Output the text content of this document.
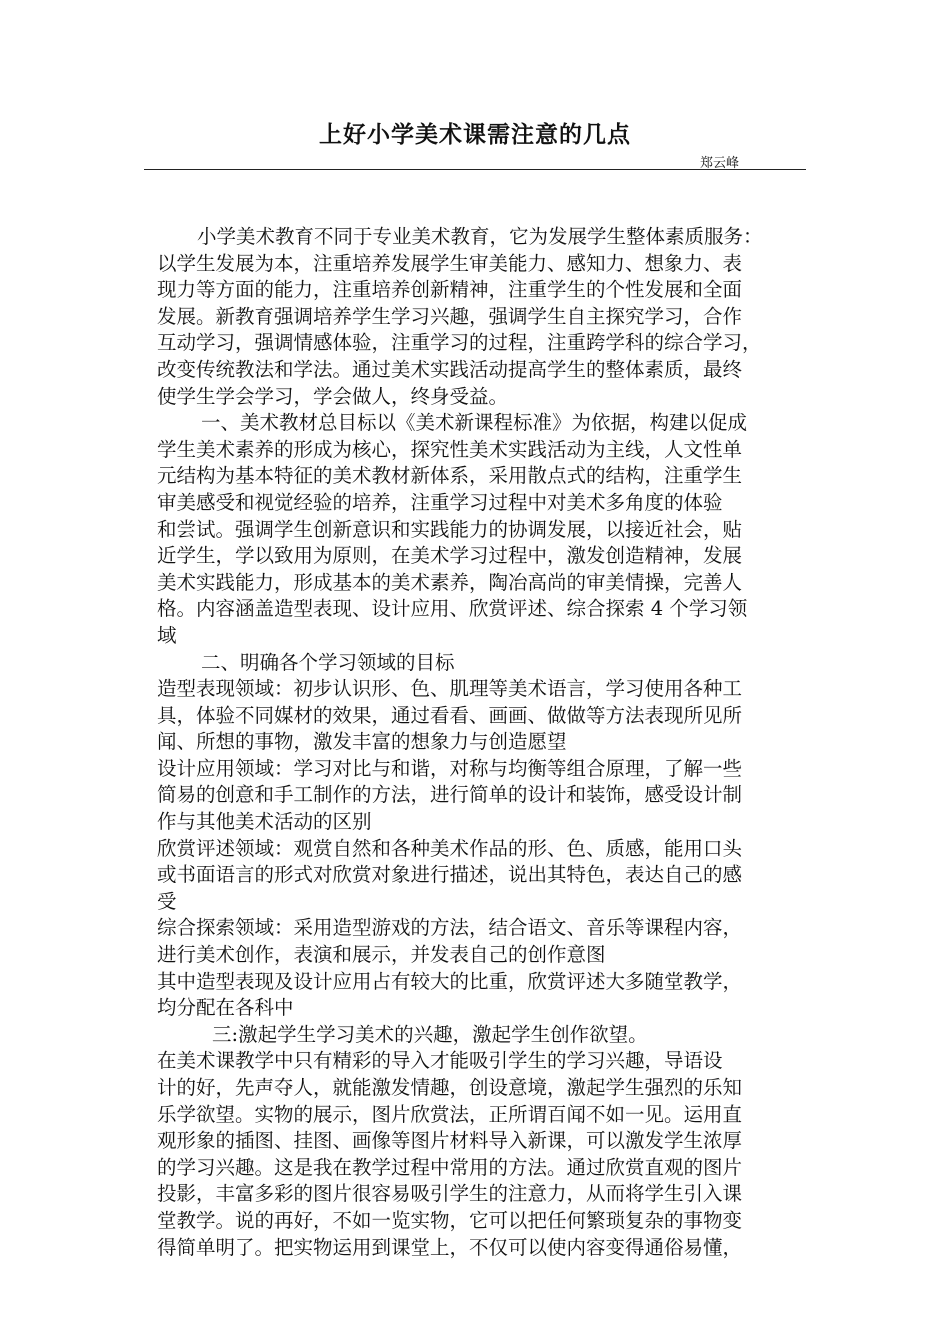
上好小学美术课需注意的几点
郑云峰
小学美术教育不同于专业美术教育，它为发展学生整体素质服务：
以学生发展为本，注重培养发展学生审美能力、感知力、想象力、表
现力等方面的能力，注重培养创新精神，注重学生的个性发展和全面
发展。新教育强调培养学生学习兴趣，强调学生自主探究学习，合作
互动学习，强调情感体验，注重学习的过程，注重跨学科的综合学习，
改变传统教法和学法。通过美术实践活动提高学生的整体素质，最终
使学生学会学习，学会做人，终身受益。
一、美术教材总目标以《美术新课程标准》为依据，构建以促成
学生美术素养的形成为核心，探究性美术实践活动为主线，人文性单
元结构为基本特征的美术教材新体系，采用散点式的结构，注重学生
审美感受和视觉经验的培养，注重学习过程中对美术多角度的体验
和尝试。强调学生创新意识和实践能力的协调发展，以接近社会，贴
近学生，学以致用为原则，在美术学习过程中，激发创造精神，发展
美术实践能力，形成基本的美术素养，陶冶高尚的审美情操，完善人
格。内容涵盖造型表现、设计应用、欣赏评述、综合探索 4 个学习领
域
二、明确各个学习领域的目标
造型表现领域：初步认识形、色、肌理等美术语言，学习使用各种工
具，体验不同媒材的效果，通过看看、画画、做做等方法表现所见所
闻、所想的事物，激发丰富的想象力与创造愿望
设计应用领域：学习对比与和谐，对称与均衡等组合原理，了解一些
简易的创意和手工制作的方法，进行简单的设计和装饰，感受设计制
作与其他美术活动的区别
欣赏评述领域：观赏自然和各种美术作品的形、色、质感，能用口头
或书面语言的形式对欣赏对象进行描述，说出其特色，表达自己的感
受
综合探索领域：采用造型游戏的方法，结合语文、音乐等课程内容，
进行美术创作，表演和展示，并发表自己的创作意图
其中造型表现及设计应用占有较大的比重，欣赏评述大多随堂教学，
均分配在各科中
三:激起学生学习美术的兴趣，激起学生创作欲望。
在美术课教学中只有精彩的导入才能吸引学生的学习兴趣，导语设
计的好，先声夺人，就能激发情趣，创设意境，激起学生强烈的乐知
乐学欲望。实物的展示，图片欣赏法，正所谓百闻不如一见。运用直
观形象的插图、挂图、画像等图片材料导入新课，可以激发学生浓厚
的学习兴趣。这是我在教学过程中常用的方法。通过欣赏直观的图片
投影，丰富多彩的图片很容易吸引学生的注意力，从而将学生引入课
堂教学。说的再好，不如一览实物，它可以把任何繁琐复杂的事物变
得简单明了。把实物运用到课堂上，不仅可以使内容变得通俗易懂，
